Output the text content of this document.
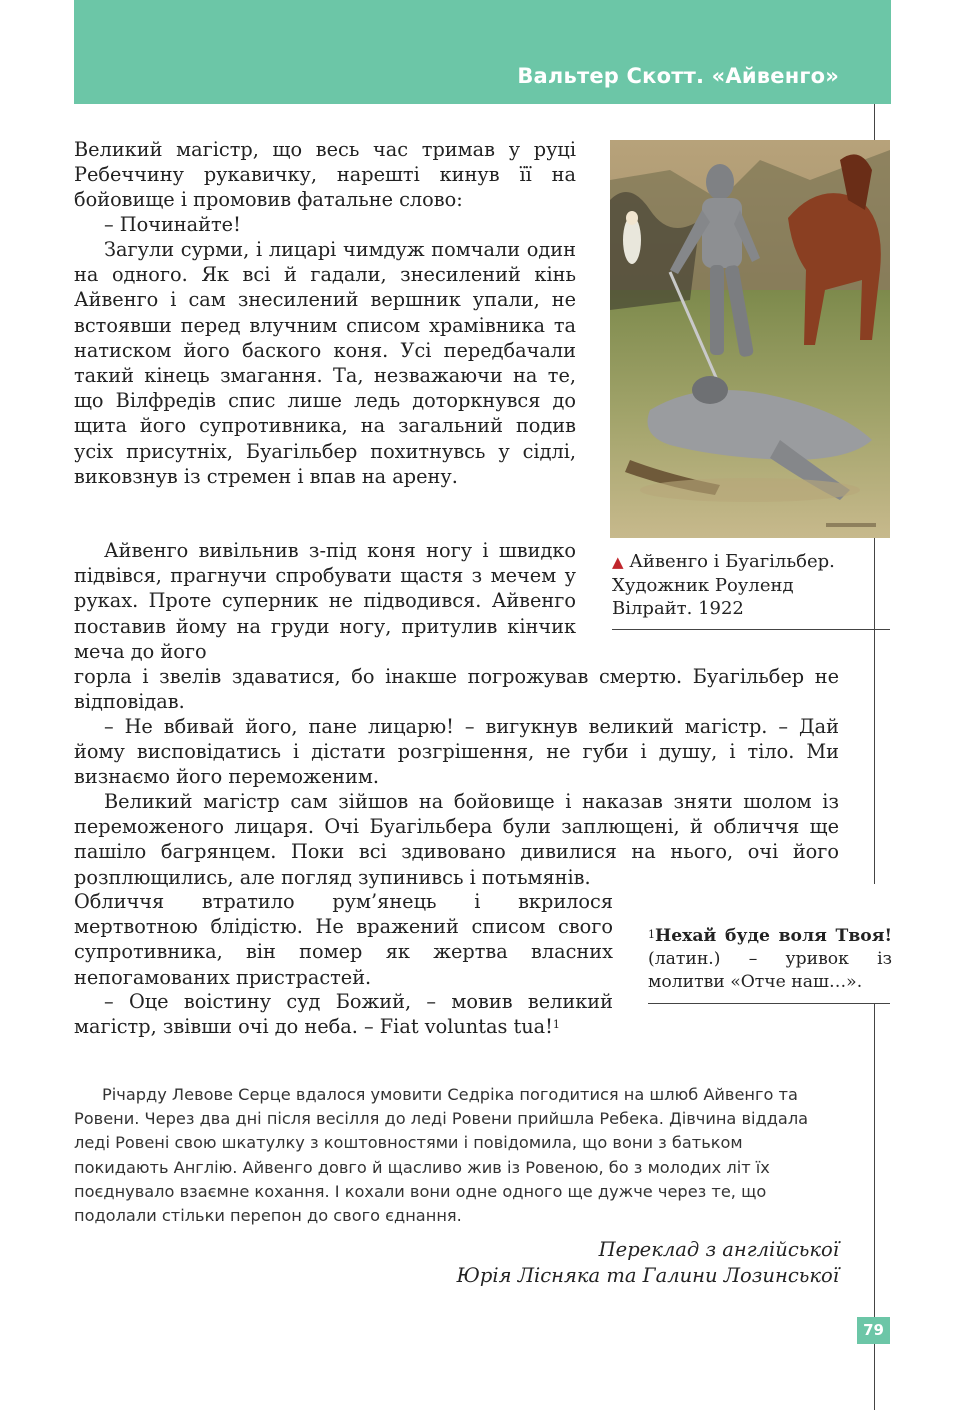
Вальтер Скотт. «Айвенго»

Великий магістр, що весь час тримав у руці Ребеччину рукавичку, нарешті кинув її на бойовище і промовив фатальне слово:

– Починайте!

Загули сурми, і лицарі чимдуж помчали один на одного. Як всі й гадали, знесилений кінь Айвенго і сам знесилений вершник упали, не встоявши перед влучним списом храмівника та натиском його баского коня. Усі передбачали такий кінець змагання. Та, незважаючи на те, що Вілфредів спис лише ледь доторкнувся до щита його супротивника, на загальний подив усіх присутніх, Буагільбер похитнувсь у сідлі, виковзнув із стремен і впав на арену.

Айвенго вивільнив з-під коня ногу і швидко підвівся, прагнучи спробувати щастя з мечем у руках. Проте суперник не підводився. Айвенго поставив йому на груди ногу, притулив кінчик меча до його

горла і звелів здаватися, бо інакше погрожував смертю. Буагільбер не відповідав.

– Не вбивай його, пане лицарю! – вигукнув великий магістр. – Дай йому висповідатись і дістати розгрішення, не губи і душу, і тіло. Ми визнаємо його переможеним.

Великий магістр сам зійшов на бойовище і наказав зняти шолом із переможеного лицаря. Очі Буагільбера були заплющені, й обличчя ще пашіло багрянцем. Поки всі здивовано дивилися на нього, очі його розплющились, але погляд зупинивсь і потьмянів.

Обличчя втратило рум’янець і вкрилося мертвотною блідістю. Не вражений списом свого супротивника, він помер як жертва власних непогамованих пристрастей.

– Оце воістину суд Божий, – мовив великий магістр, звівши очі до неба. – Fiat voluntas tua!$^1$

▲ Айвенго і Буагільбер. Художник Роуленд Вілрайт. 1922
$^1$Нехай буде воля Твоя! (латин.) – уривок із молитви «Отче наш…».

Річарду Левове Серце вдалося умовити Седріка погодитися на шлюб Айвенго та Ровени. Через два дні після весілля до леді Ровени прийшла Ребека. Дівчина віддала леді Ровені свою шкатулку з коштовностями і повідомила, що вони з батьком покидають Англію. Айвенго довго й щасливо жив із Ровеною, бо з молодих літ їх поєднувало взаємне кохання. І кохали вони одне одного ще дужче через те, що подолали стільки перепон до свого єднання.

Переклад з англійської
Юрія Лісняка та Галини Лозинської
79
